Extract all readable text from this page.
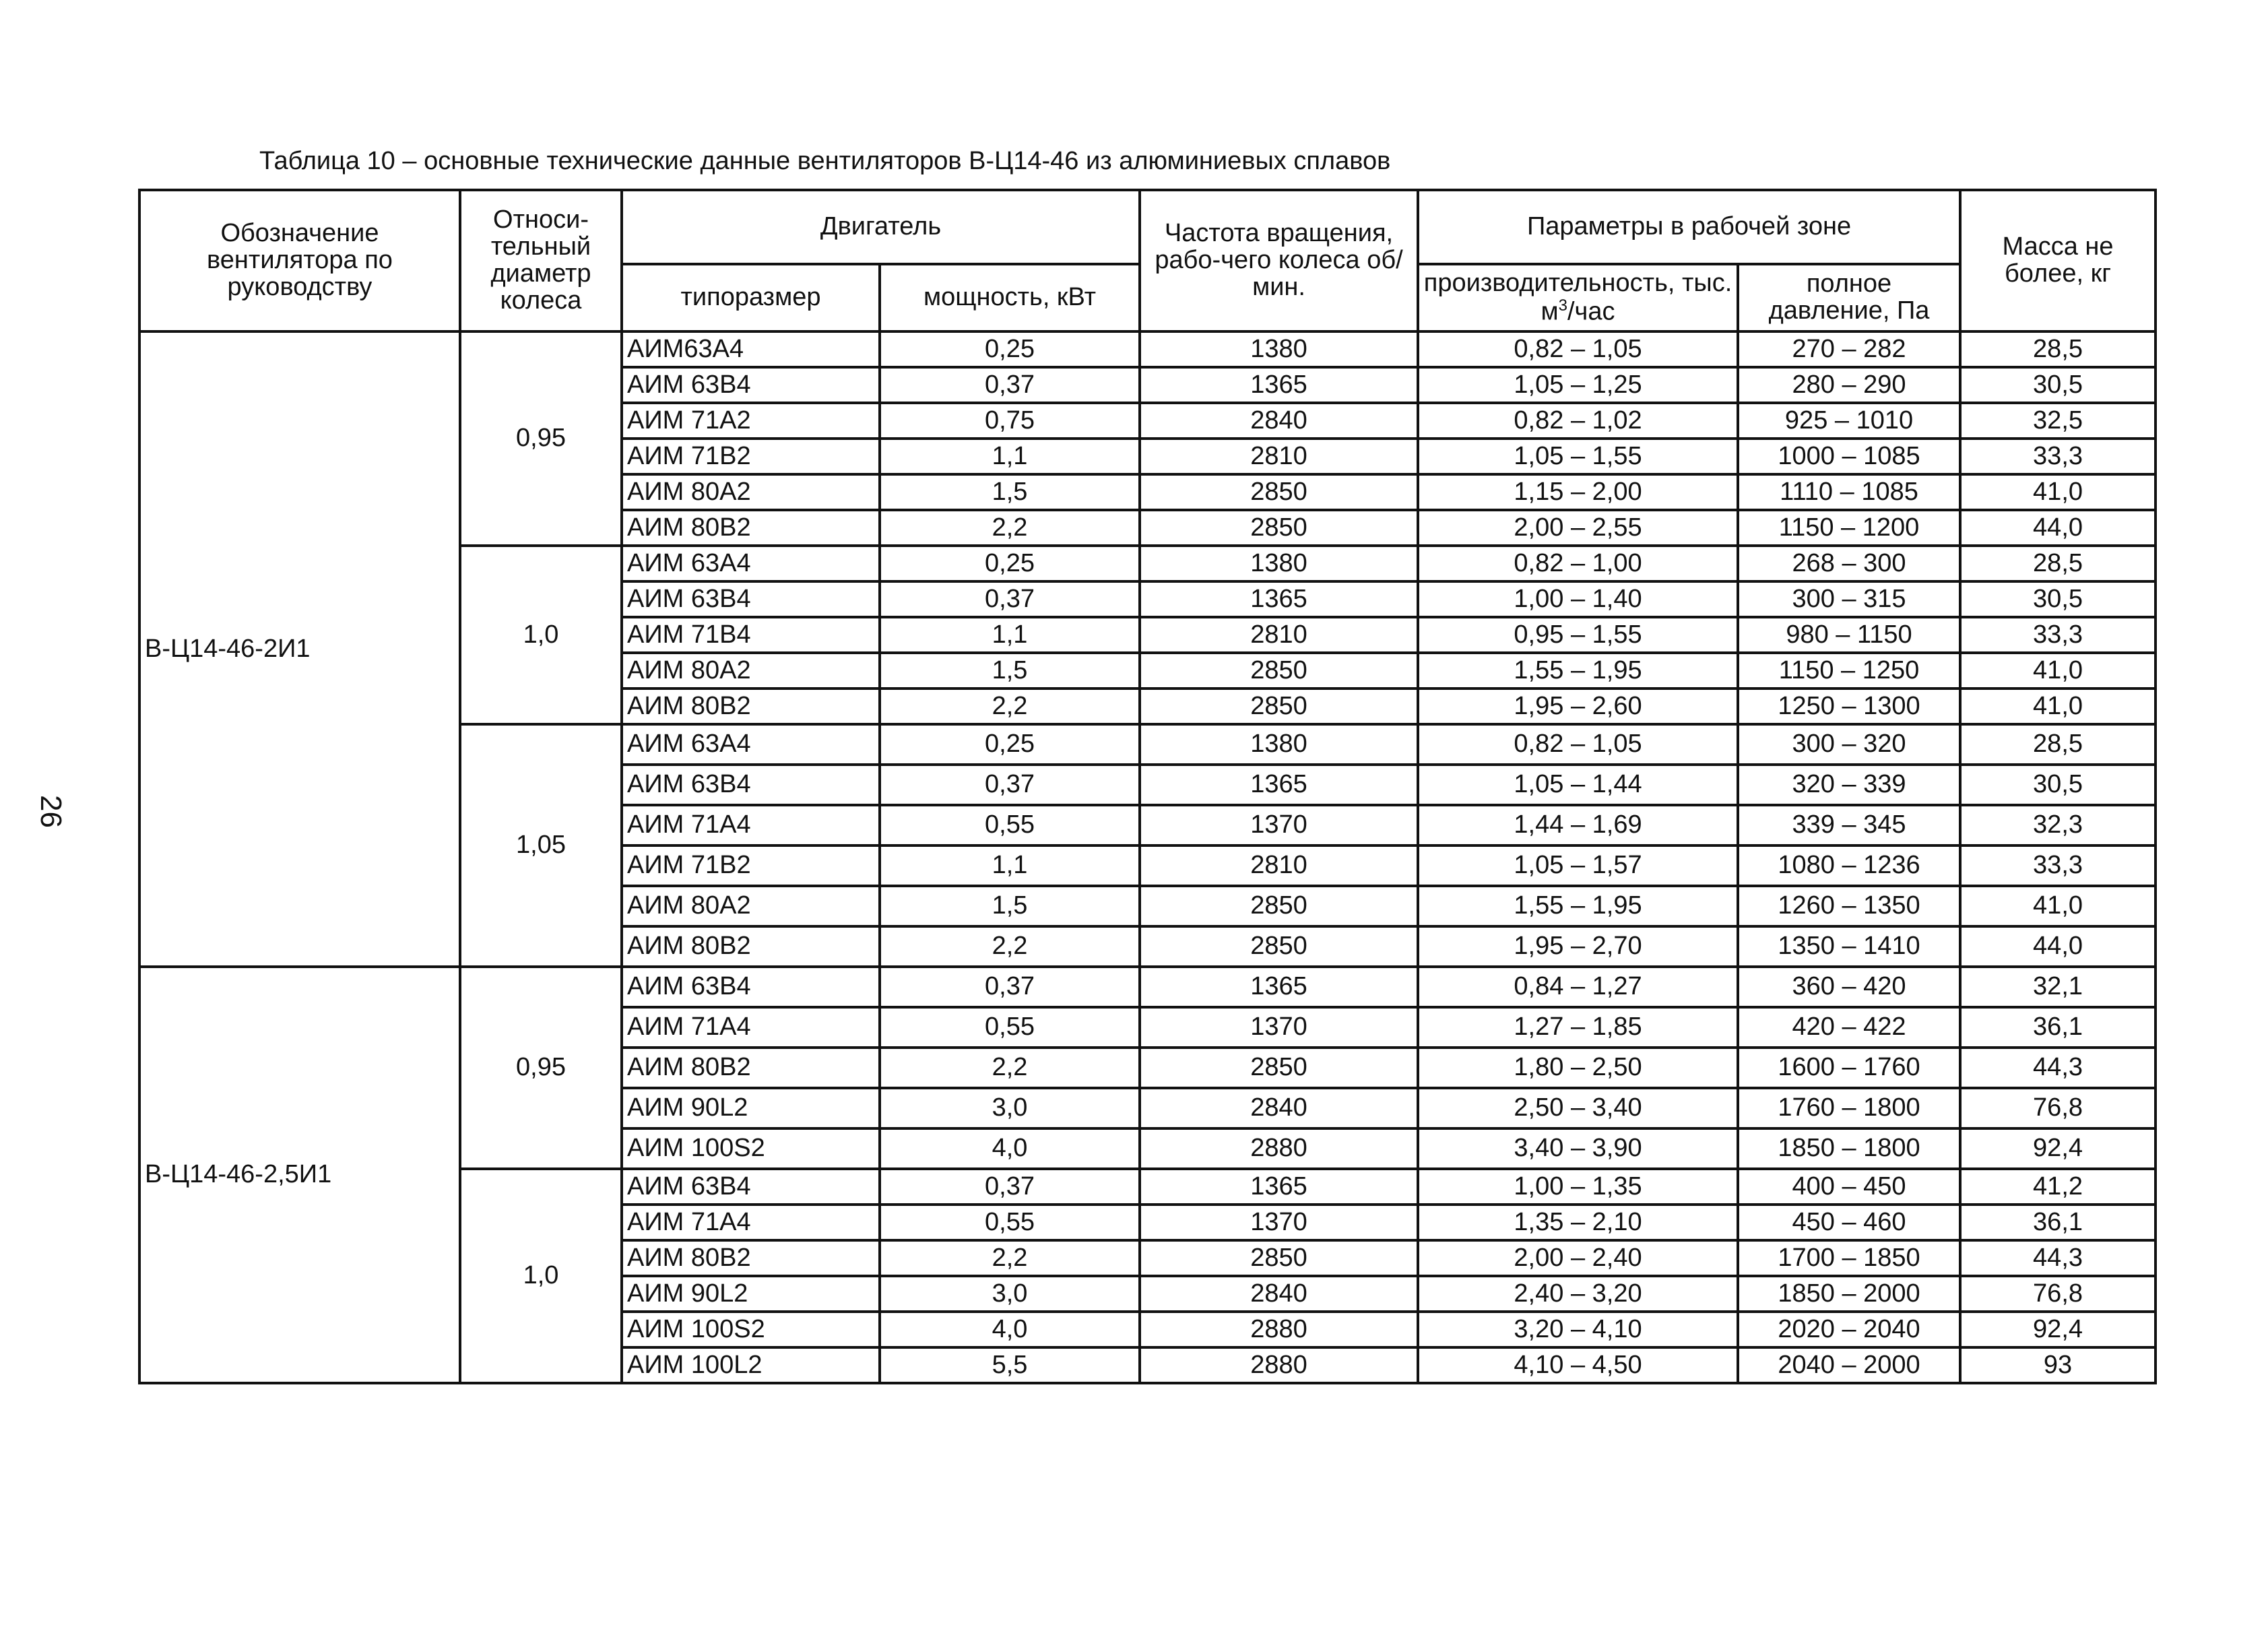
Таблица 10 – основные технические данные вентиляторов В-Ц14-46 из алюминиевых сплавов
26
Обозначение вентилятора по руководству	Относи-тельный диаметр колеса	Двигатель		Частота вращения, рабо-чего колеса об/мин.	Параметры в рабочей зоне		Масса не более, кг
		типоразмер	мощность, кВт		производительность, тыс. $м^3$/час	полное давление, Па	
В-Ц14-46-2И1	0,95	АИМ63А4	0,25	1380	0,82 – 1,05	270 – 282	28,5
		АИМ 63В4	0,37	1365	1,05 – 1,25	280 – 290	30,5
		АИМ 71А2	0,75	2840	0,82 – 1,02	925 – 1010	32,5
		АИМ 71В2	1,1	2810	1,05 – 1,55	1000 – 1085	33,3
		АИМ 80А2	1,5	2850	1,15 – 2,00	1110 – 1085	41,0
		АИМ 80В2	2,2	2850	2,00 – 2,55	1150 – 1200	44,0
	1,0	АИМ 63А4	0,25	1380	0,82 – 1,00	268 – 300	28,5
		АИМ 63В4	0,37	1365	1,00 – 1,40	300 – 315	30,5
		АИМ 71В4	1,1	2810	0,95 – 1,55	980 – 1150	33,3
		АИМ 80А2	1,5	2850	1,55 – 1,95	1150 – 1250	41,0
		АИМ 80В2	2,2	2850	1,95 – 2,60	1250 – 1300	41,0
	1,05	АИМ 63А4	0,25	1380	0,82 – 1,05	300 – 320	28,5
		АИМ 63В4	0,37	1365	1,05 – 1,44	320 – 339	30,5
		АИМ 71А4	0,55	1370	1,44 – 1,69	339 – 345	32,3
		АИМ 71В2	1,1	2810	1,05 – 1,57	1080 – 1236	33,3
		АИМ 80А2	1,5	2850	1,55 – 1,95	1260 – 1350	41,0
		АИМ 80В2	2,2	2850	1,95 – 2,70	1350 – 1410	44,0
В-Ц14-46-2,5И1	0,95	АИМ 63В4	0,37	1365	0,84 – 1,27	360 – 420	32,1
		АИМ 71А4	0,55	1370	1,27 – 1,85	420 – 422	36,1
		АИМ 80В2	2,2	2850	1,80 – 2,50	1600 – 1760	44,3
		АИМ 90L2	3,0	2840	2,50 – 3,40	1760 – 1800	76,8
		АИМ 100S2	4,0	2880	3,40 – 3,90	1850 – 1800	92,4
	1,0	АИМ 63В4	0,37	1365	1,00 – 1,35	400 – 450	41,2
		АИМ 71А4	0,55	1370	1,35 – 2,10	450 – 460	36,1
		АИМ 80В2	2,2	2850	2,00 – 2,40	1700 – 1850	44,3
		АИМ 90L2	3,0	2840	2,40 – 3,20	1850 – 2000	76,8
		АИМ 100S2	4,0	2880	3,20 – 4,10	2020 – 2040	92,4
		АИМ 100L2	5,5	2880	4,10 – 4,50	2040 – 2000	93
